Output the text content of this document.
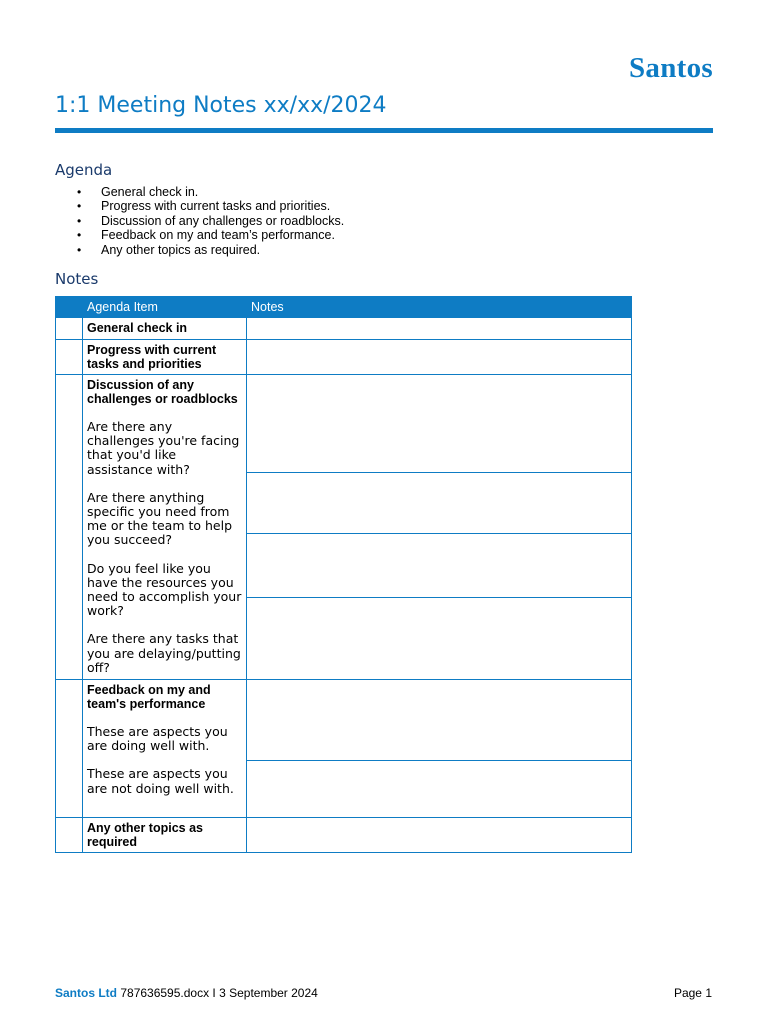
Santos
1:1 Meeting Notes xx/xx/2024
Agenda
• General check in.
• Progress with current tasks and priorities.
• Discussion of any challenges or roadblocks.
• Feedback on my and team’s performance.
• Any other topics as required.
Notes
	Agenda Item	Notes

	General check in	

	Progress with current tasks and priorities	

	Discussion of any challenges or roadblocks
Are there any challenges you're facing that you'd like assistance with?
Are there anything specific you need from me or the team to help you succeed?
Do you feel like you have the resources you need to accomplish your work?
Are there any tasks that you are delaying/putting off?	

	Feedback on my and team's performance
These are aspects you are doing well with.
These are aspects you are not doing well with.	

	Any other topics as required	

Santos Ltd 787636595.docx I 3 September 2024	Page 1
